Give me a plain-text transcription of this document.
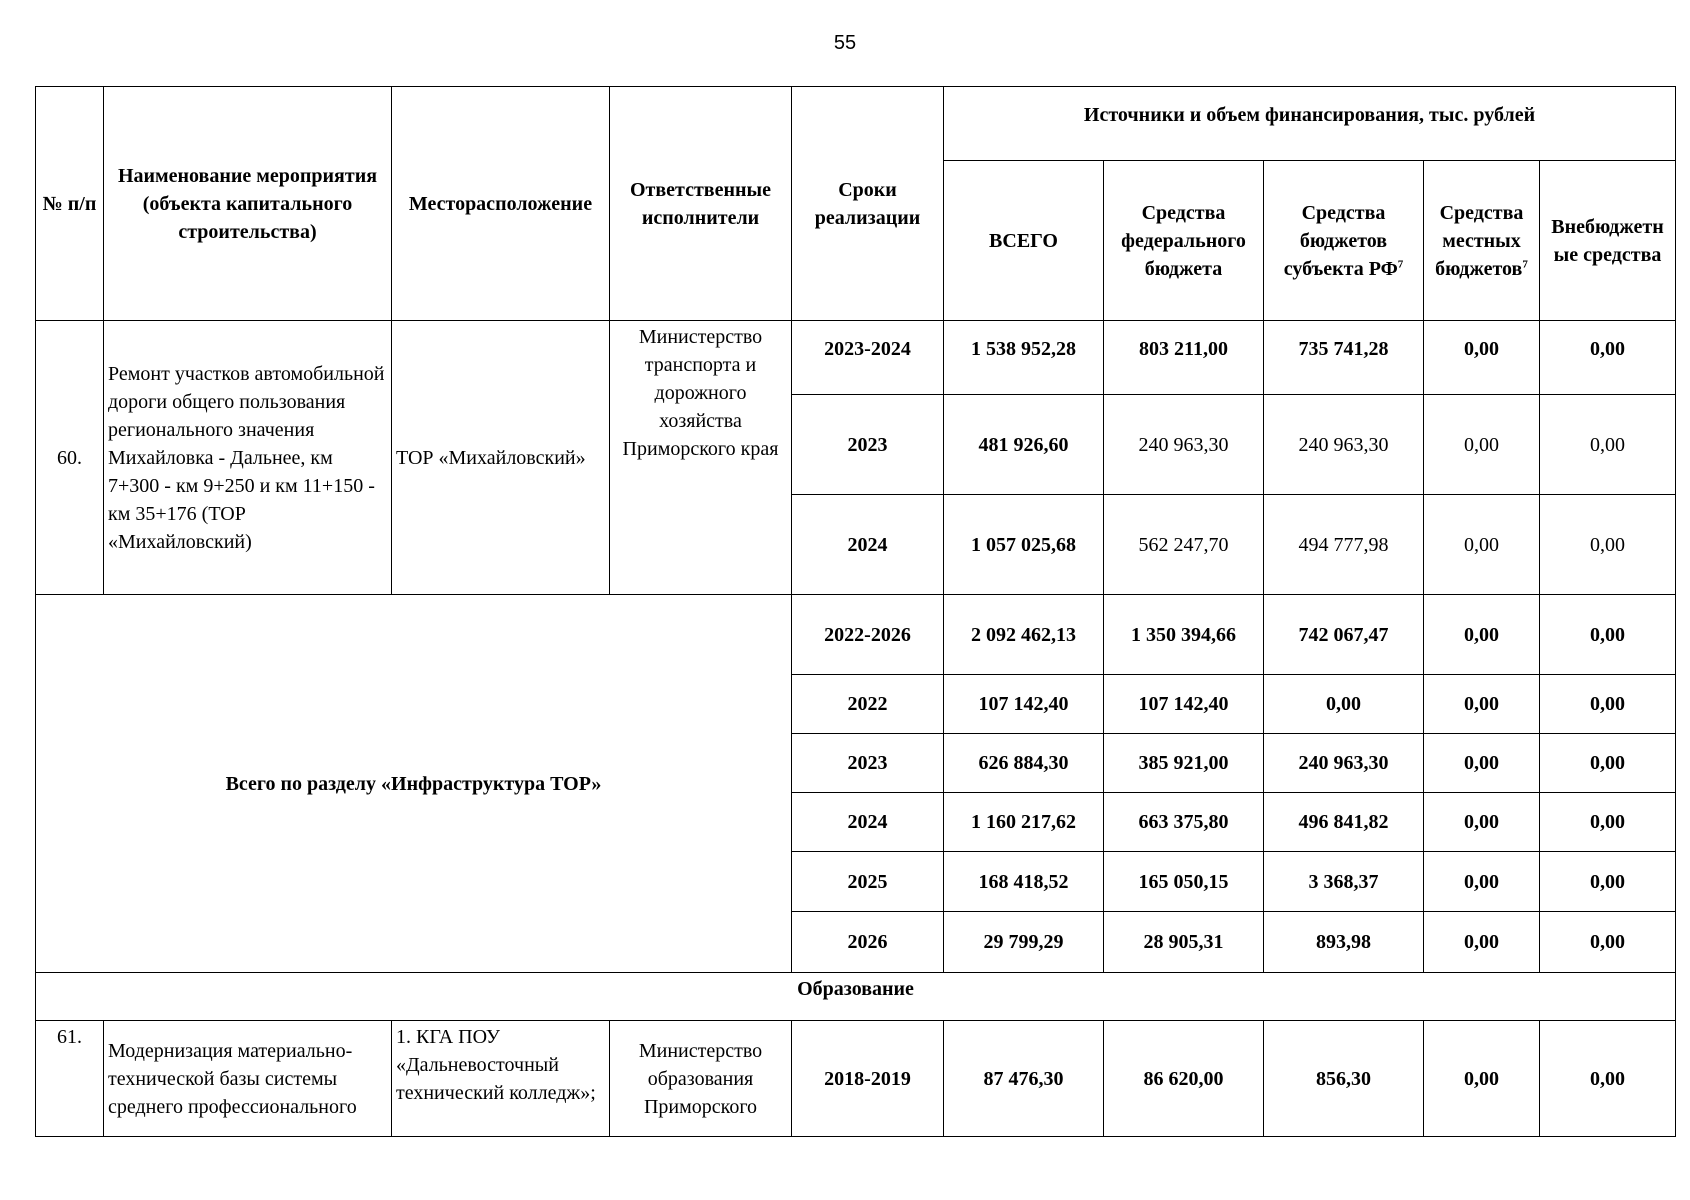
55
№ п/п	Наименование мероприятия (объекта капитального строительства)	Месторасположение	Ответственные исполнители	Сроки реализации	Источники и объем финансирования, тыс. рублей				
					ВСЕГО	Средства федерального бюджета	Средства бюджетов субъекта $РФ^7$	Средства местных бюджетов$^7$	Внебюджетн ые средства
60.	Ремонт участков автомобильной дороги общего пользования регионального значения Михайловка - Дальнее, км 7+300 - км 9+250 и км 11+150 - км 35+176 (ТОР «Михайловский)	ТОР «Михайловский»	Министерство транспорта и дорожного хозяйства Приморского края	2023-2024	1 538 952,28	803 211,00	735 741,28	0,00	0,00
				2023	481 926,60	240 963,30	240 963,30	0,00	0,00
				2024	1 057 025,68	562 247,70	494 777,98	0,00	0,00
Всего по разделу «Инфраструктура ТОР»				2022-2026	2 092 462,13	1 350 394,66	742 067,47	0,00	0,00
				2022	107 142,40	107 142,40	0,00	0,00	0,00
				2023	626 884,30	385 921,00	240 963,30	0,00	0,00
				2024	1 160 217,62	663 375,80	496 841,82	0,00	0,00
				2025	168 418,52	165 050,15	3 368,37	0,00	0,00
				2026	29 799,29	28 905,31	893,98	0,00	0,00
Образование									
61.	Модернизация материально-технической базы системы среднего профессионального	1. КГА ПОУ «Дальневосточный технический колледж»;	Министерство образования Приморского	2018-2019	87 476,30	86 620,00	856,30	0,00	0,00
